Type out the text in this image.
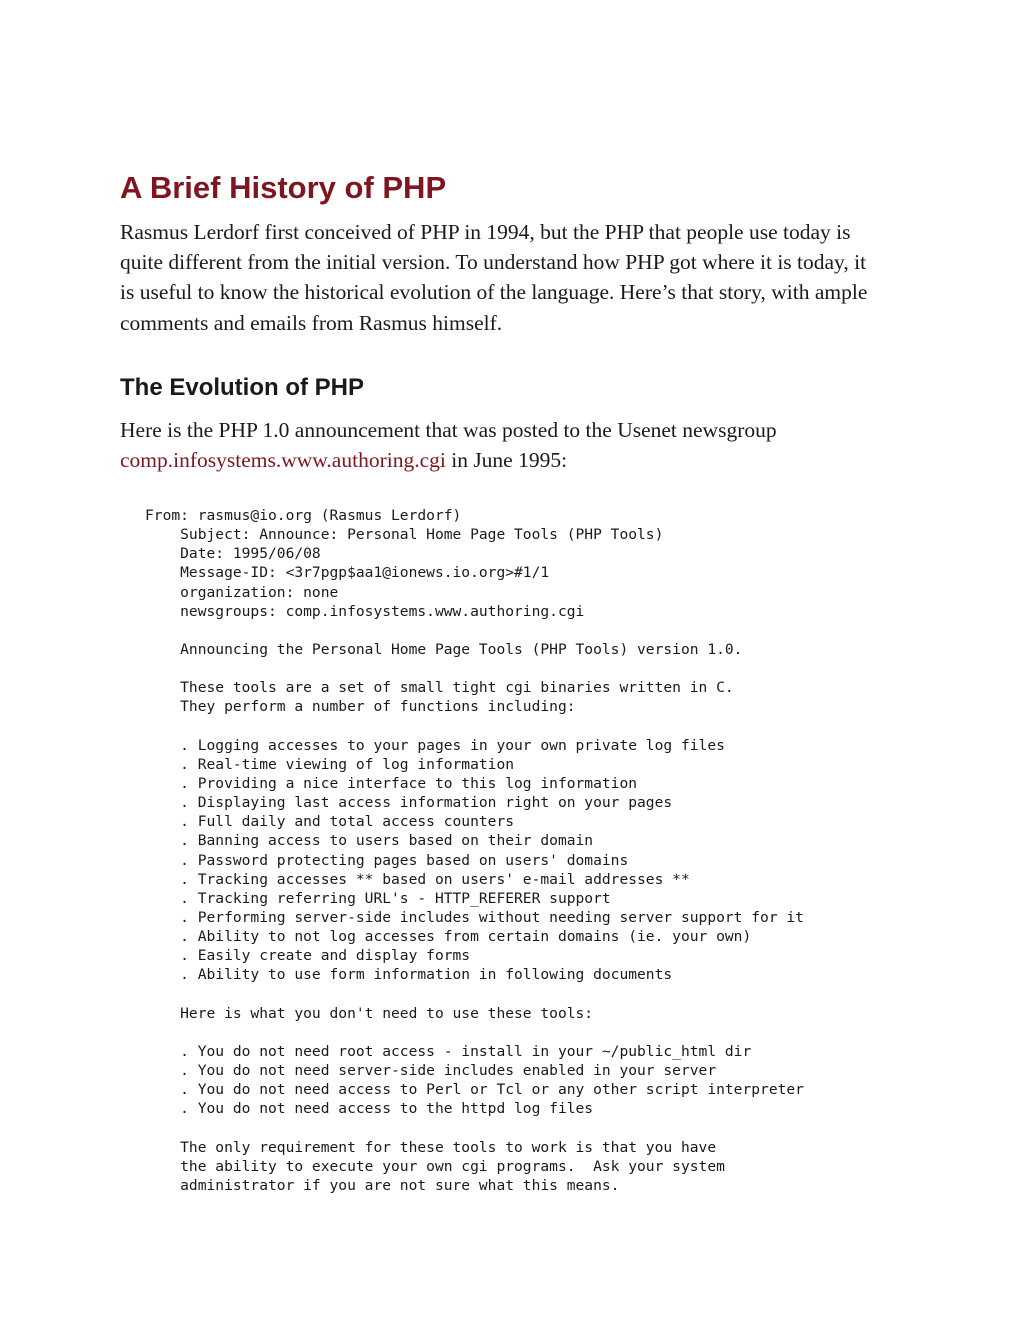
A Brief History of PHP

Rasmus Lerdorf first conceived of PHP in 1994, but the PHP that people use today is quite different from the initial version. To understand how PHP got where it is today, it is useful to know the historical evolution of the language. Here’s that story, with ample comments and emails from Rasmus himself.

The Evolution of PHP

Here is the PHP 1.0 announcement that was posted to the Usenet newsgroup comp.infosystems.www.authoring.cgi in June 1995:

From: rasmus@io.org (Rasmus Lerdorf)
Subject: Announce: Personal Home Page Tools (PHP Tools)
Date: 1995/06/08
Message-ID: <3r7pgp$aa1@ionews.io.org>#1/1
organization: none
newsgroups: comp.infosystems.www.authoring.cgi
Announcing the Personal Home Page Tools (PHP Tools) version 1.0.
These tools are a set of small tight cgi binaries written in C.
They perform a number of functions including:
. Logging accesses to your pages in your own private log files
. Real-time viewing of log information
. Providing a nice interface to this log information
. Displaying last access information right on your pages
. Full daily and total access counters
. Banning access to users based on their domain
. Password protecting pages based on users' domains
. Tracking accesses ** based on users' e-mail addresses **
. Tracking referring URL's - HTTP_REFERER support
. Performing server-side includes without needing server support for it
. Ability to not log accesses from certain domains (ie. your own)
. Easily create and display forms
. Ability to use form information in following documents
Here is what you don't need to use these tools:
. You do not need root access - install in your ~/public_html dir
. You do not need server-side includes enabled in your server
. You do not need access to Perl or Tcl or any other script interpreter
. You do not need access to the httpd log files
The only requirement for these tools to work is that you have
the ability to execute your own cgi programs.  Ask your system
administrator if you are not sure what this means.
